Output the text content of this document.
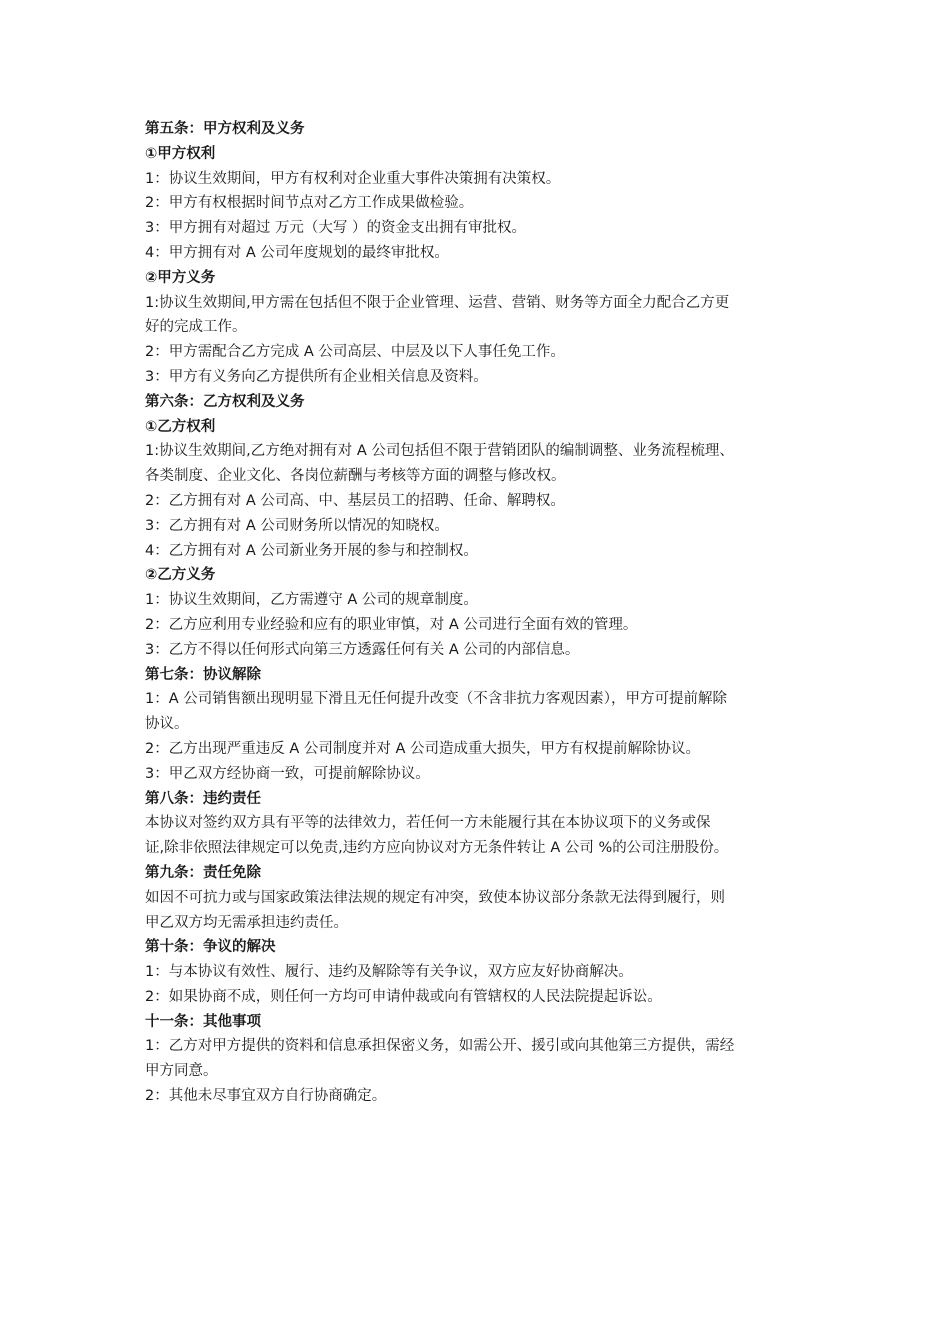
第五条：甲方权利及义务

①甲方权利

1：协议生效期间，甲方有权利对企业重大事件决策拥有决策权。

2：甲方有权根据时间节点对乙方工作成果做检验。

3：甲方拥有对超过 万元（大写 ）的资金支出拥有审批权。

4：甲方拥有对 A 公司年度规划的最终审批权。

②甲方义务

1:协议生效期间,甲方需在包括但不限于企业管理、运营、营销、财务等方面全力配合乙方更

好的完成工作。

2：甲方需配合乙方完成 A 公司高层、中层及以下人事任免工作。

3：甲方有义务向乙方提供所有企业相关信息及资料。

第六条：乙方权利及义务

①乙方权利

1:协议生效期间,乙方绝对拥有对 A 公司包括但不限于营销团队的编制调整、业务流程梳理、

各类制度、企业文化、各岗位薪酬与考核等方面的调整与修改权。

2：乙方拥有对 A 公司高、中、基层员工的招聘、任命、解聘权。

3：乙方拥有对 A 公司财务所以情况的知晓权。

4：乙方拥有对 A 公司新业务开展的参与和控制权。

②乙方义务

1：协议生效期间，乙方需遵守 A 公司的规章制度。

2：乙方应利用专业经验和应有的职业审慎，对 A 公司进行全面有效的管理。

3：乙方不得以任何形式向第三方透露任何有关 A 公司的内部信息。

第七条：协议解除

1：A 公司销售额出现明显下滑且无任何提升改变（不含非抗力客观因素），甲方可提前解除

协议。

2：乙方出现严重违反 A 公司制度并对 A 公司造成重大损失，甲方有权提前解除协议。

3：甲乙双方经协商一致，可提前解除协议。

第八条：违约责任

本协议对签约双方具有平等的法律效力，若任何一方未能履行其在本协议项下的义务或保

证,除非依照法律规定可以免责,违约方应向协议对方无条件转让 A 公司 %的公司注册股份。

第九条：责任免除

如因不可抗力或与国家政策法律法规的规定有冲突，致使本协议部分条款无法得到履行，则

甲乙双方均无需承担违约责任。

第十条：争议的解决

1：与本协议有效性、履行、违约及解除等有关争议，双方应友好协商解决。

2：如果协商不成，则任何一方均可申请仲裁或向有管辖权的人民法院提起诉讼。

十一条：其他事项

1：乙方对甲方提供的资料和信息承担保密义务，如需公开、援引或向其他第三方提供，需经

甲方同意。

2：其他未尽事宜双方自行协商确定。
